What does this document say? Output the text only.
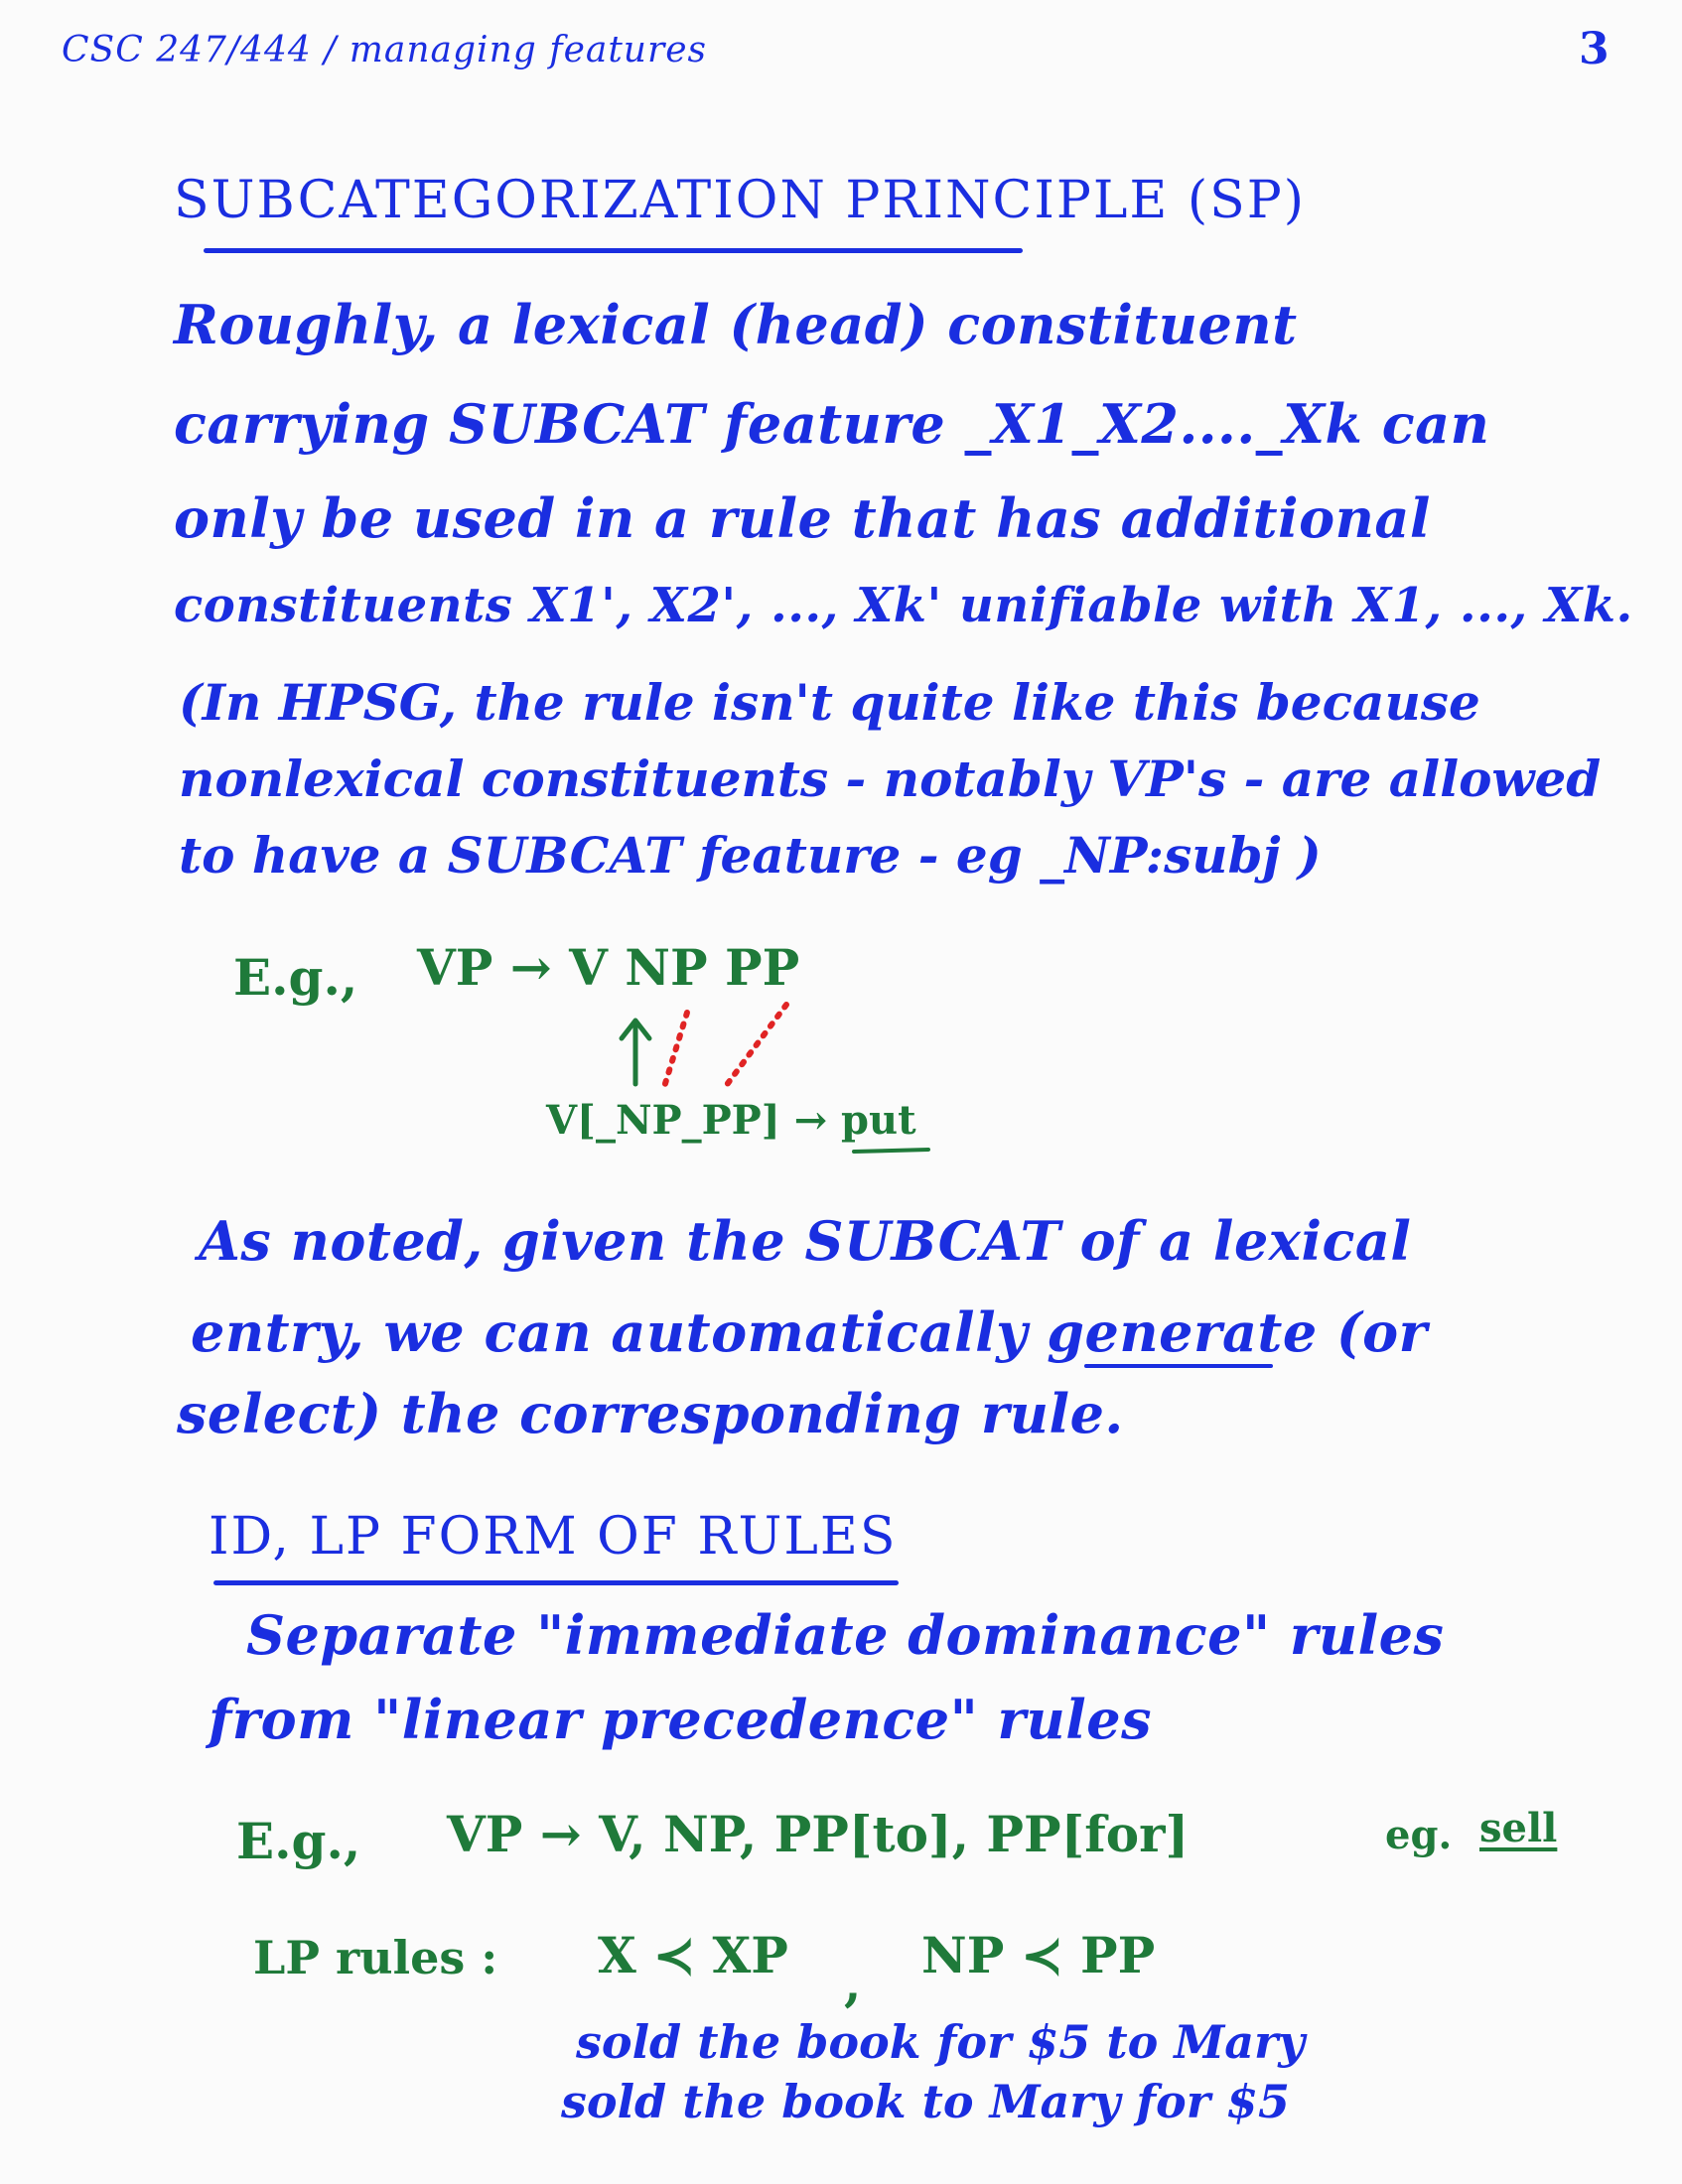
CSC 247/444 / managing features	3
SUBCATEGORIZATION PRINCIPLE (SP)
Roughly, a lexical (head) constituent
carrying SUBCAT feature _X1_X2...._Xk can
only be used in a rule that has additional
constituents X1', X2', ..., Xk' unifiable with X1, ..., Xk.
(In HPSG, the rule isn't quite like this because
nonlexical constituents - notably VP's - are allowed
to have a SUBCAT feature - eg _NP:subj )
E.g., VP → V NP PP
V[_NP_PP] → put
As noted, given the SUBCAT of a lexical
entry, we can automatically generate (or
select) the corresponding rule.
ID, LP FORM OF RULES
Separate "immediate dominance" rules
from "linear precedence" rules
E.g., VP → V, NP, PP[to], PP[for]	eg. sell
LP rules : X ≺ XP , NP ≺ PP
sold the book for $5 to Mary
sold the book to Mary for $5
